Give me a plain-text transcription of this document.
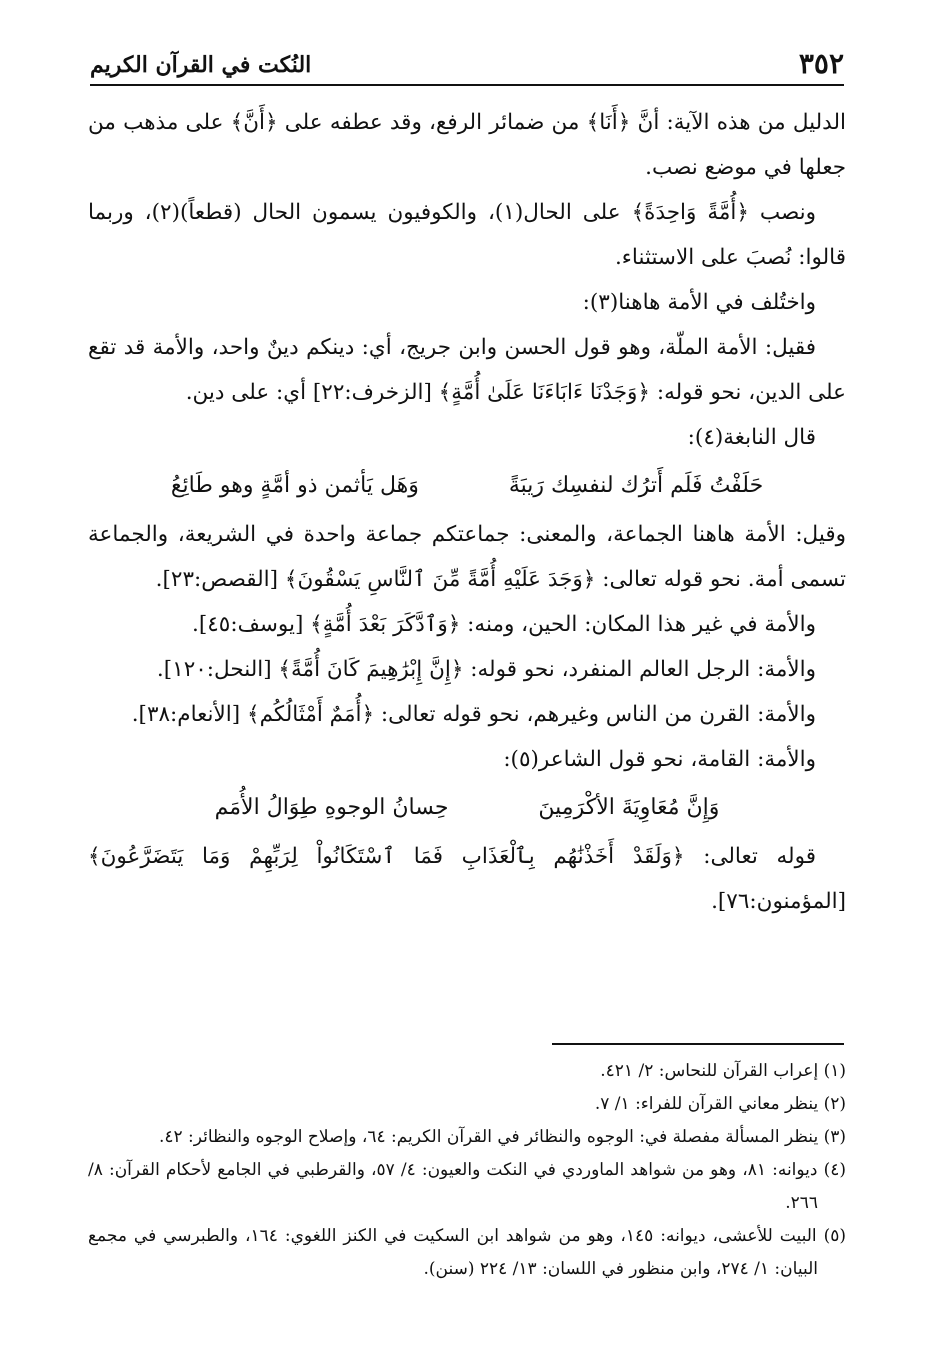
٣٥٢
النُكت في القرآن الكريم

الدليل من هذه الآية: أنَّ ﴿أَنَا﴾ من ضمائر الرفع، وقد عطفه على ﴿أَنَّ﴾ على مذهب من جعلها في موضع نصب.

ونصب ﴿أُمَّةً وَاحِدَةً﴾ على الحال(١)، والكوفيون يسمون الحال (قطعاً)(٢)، وربما قالوا: نُصبَ على الاستثناء.

واختُلف في الأمة هاهنا(٣):

فقيل: الأمة الملّة، وهو قول الحسن وابن جريج، أي: دينكم دينٌ واحد، والأمة قد تقع على الدين، نحو قوله: ﴿وَجَدْنَا ءَابَاءَنَا عَلَىٰ أُمَّةٍ﴾ [الزخرف:٢٢] أي: على دين.

قال النابغة(٤):

حَلَفْتُ فَلَم أَترُك لنفسِك رَيبَةً
وَهَل يَأثمن ذو أمَّةٍ وهو طَائِعُ

وقيل: الأمة هاهنا الجماعة، والمعنى: جماعتكم جماعة واحدة في الشريعة، والجماعة تسمى أمة. نحو قوله تعالى: ﴿وَجَدَ عَلَيْهِ أُمَّةً مِّنَ ٱلنَّاسِ يَسْقُونَ﴾ [القصص:٢٣].

والأمة في غير هذا المكان: الحين، ومنه: ﴿وَٱدَّكَرَ بَعْدَ أُمَّةٍ﴾ [يوسف:٤٥].

والأمة: الرجل العالم المنفرد، نحو قوله: ﴿إِنَّ إِبْرَٰهِيمَ كَانَ أُمَّةً﴾ [النحل:١٢٠].

والأمة: القرن من الناس وغيرهم، نحو قوله تعالى: ﴿أُمَمٌ أَمْثَالُكُم﴾ [الأنعام:٣٨].

والأمة: القامة، نحو قول الشاعر(٥):

وَإِنَّ مُعَاوِيَةَ الأكْرَمِينَ
حِسانُ الوجوهِ طِوَالُ الأُمَم

قوله تعالى: ﴿وَلَقَدْ أَخَذْنَٰهُم بِٱلْعَذَابِ فَمَا ٱسْتَكَانُواْ لِرَبِّهِمْ وَمَا يَتَضَرَّعُونَ﴾ [المؤمنون:٧٦].

(١) إعراب القرآن للنحاس: ٢/ ٤٢١.

(٢) ينظر معاني القرآن للفراء: ١/ ٧.

(٣) ينظر المسألة مفصلة في: الوجوه والنظائر في القرآن الكريم: ٦٤، وإصلاح الوجوه والنظائر: ٤٢.

(٤) ديوانه: ٨١، وهو من شواهد الماوردي في النكت والعيون: ٤/ ٥٧، والقرطبي في الجامع لأحكام القرآن: ٨/ ٢٦٦.

(٥) البيت للأعشى، ديوانه: ١٤٥، وهو من شواهد ابن السكيت في الكنز اللغوي: ١٦٤، والطبرسي في مجمع البيان: ١/ ٢٧٤، وابن منظور في اللسان: ١٣/ ٢٢٤ (سنن).
